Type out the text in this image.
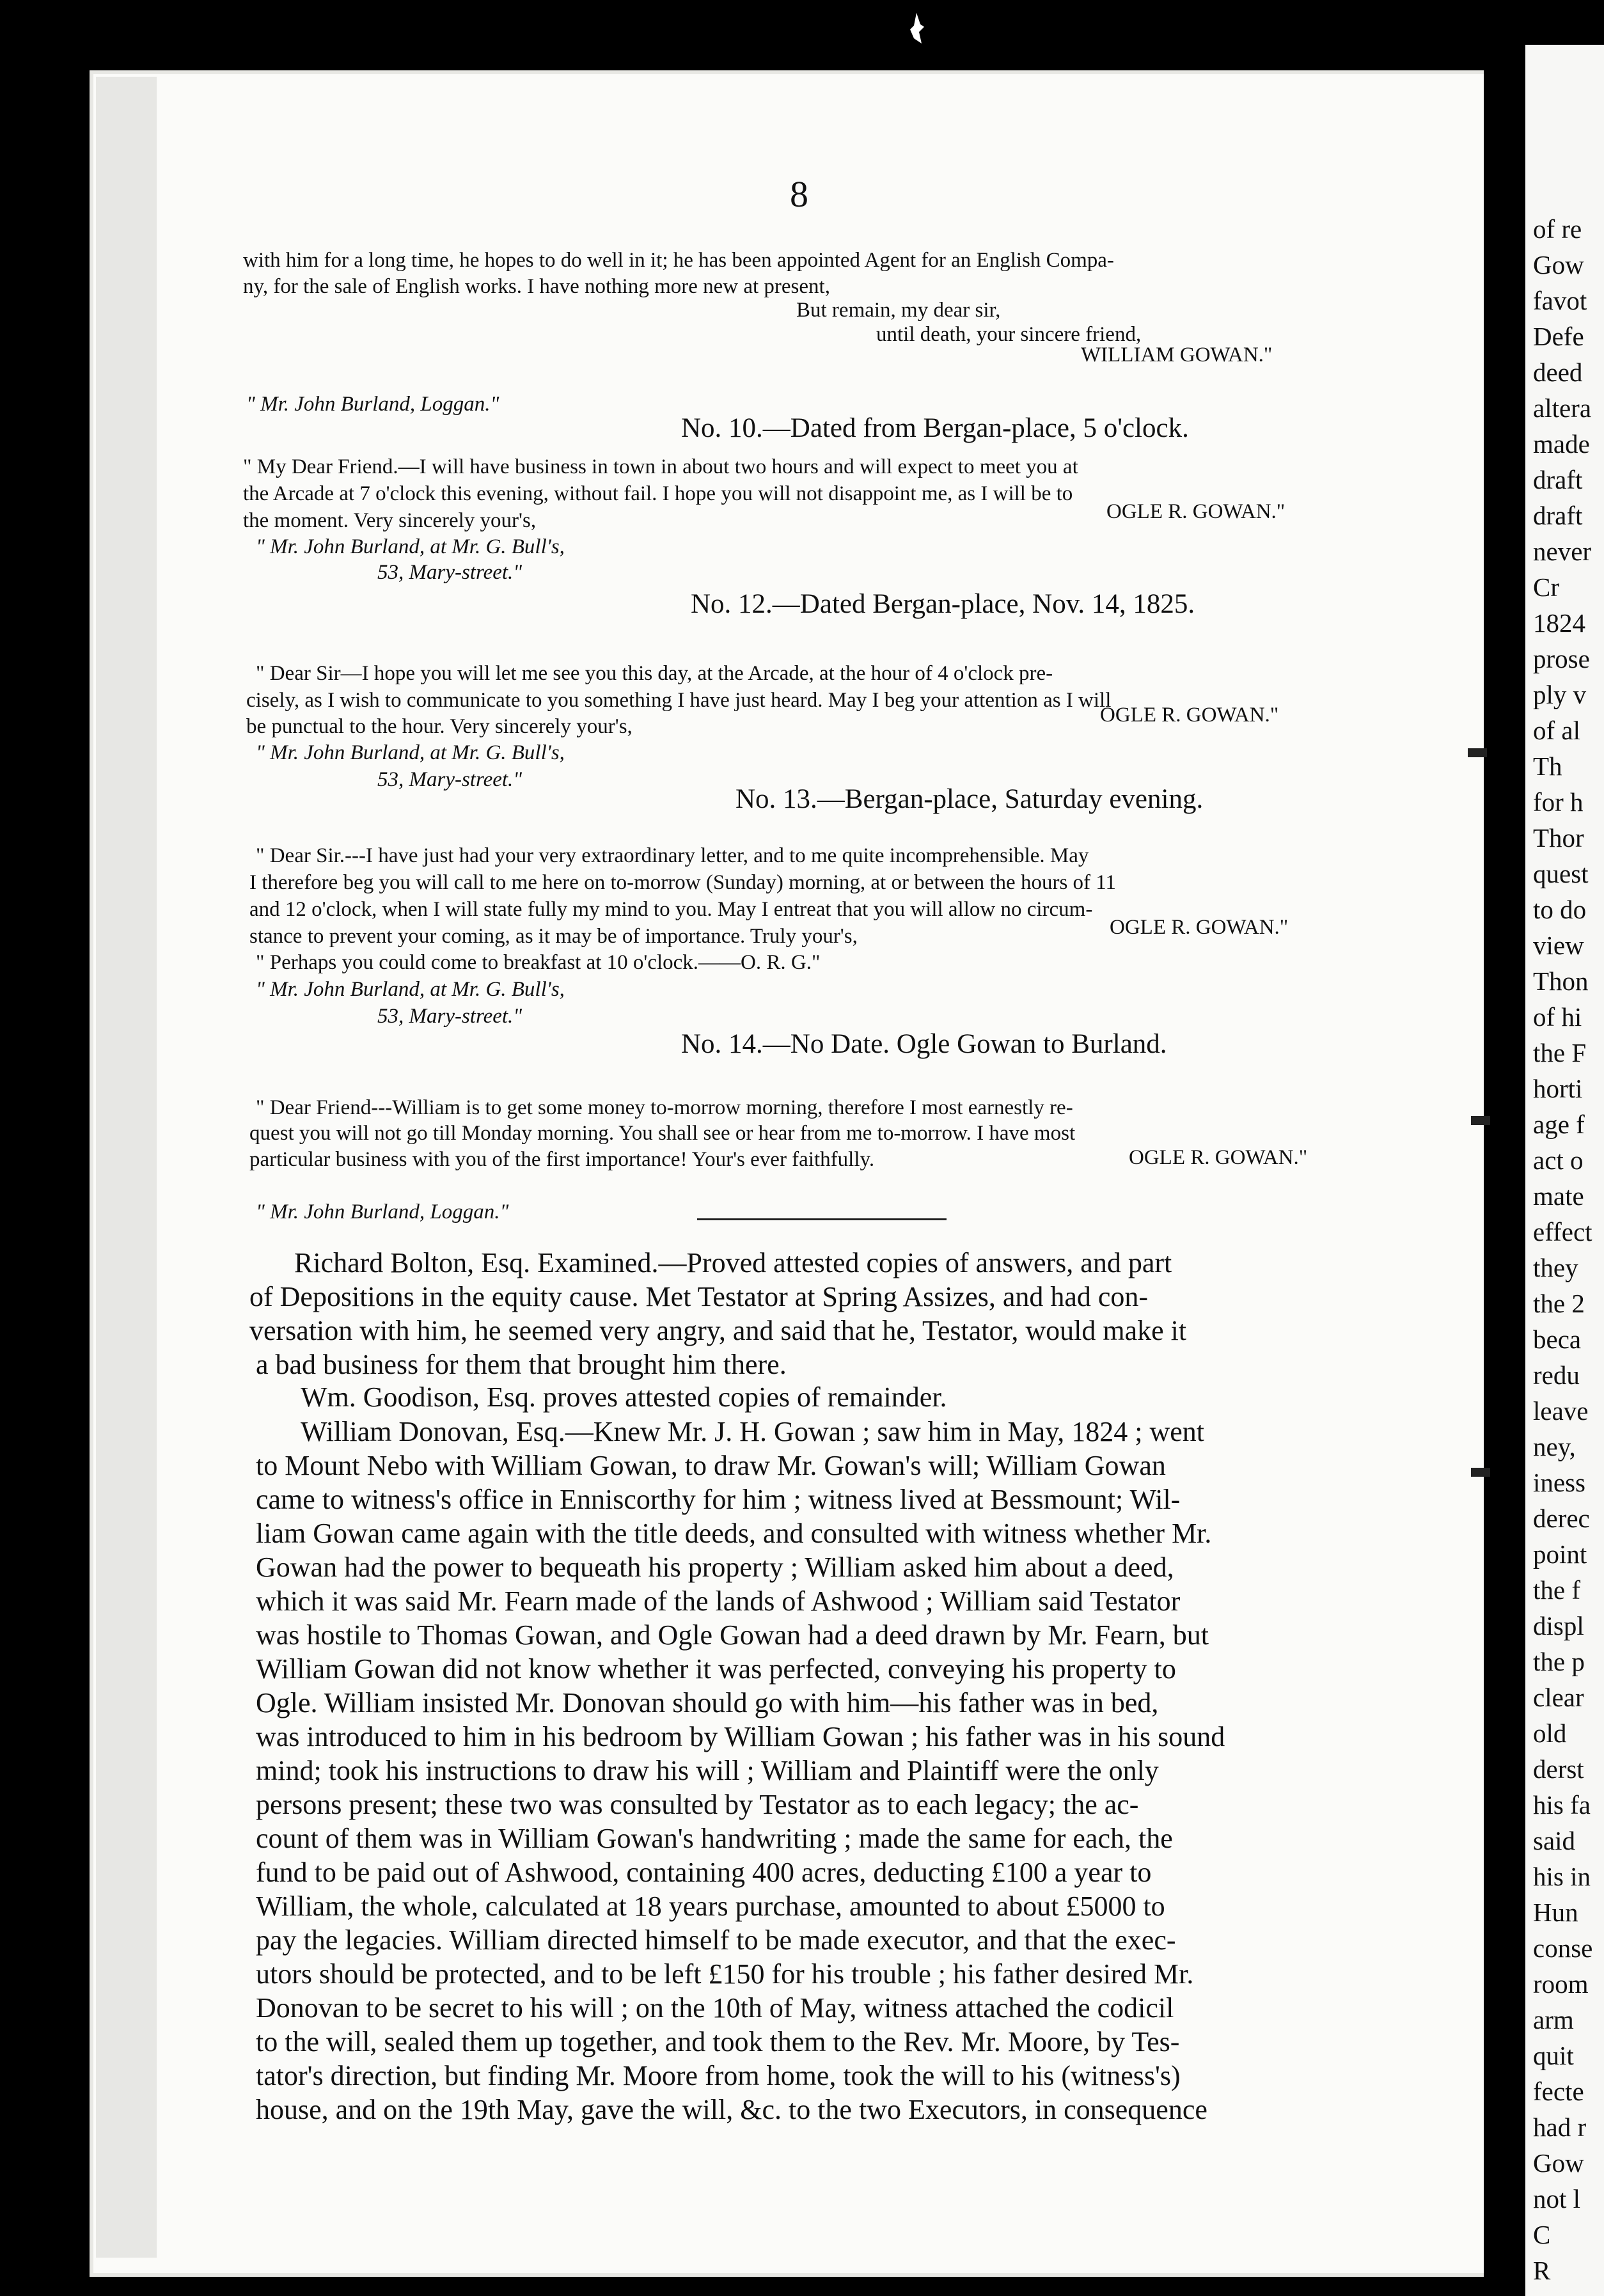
8
with him for a long time, he hopes to do well in it; he has been appointed Agent for an English Compa-
ny, for the sale of English works. I have nothing more new at present,
But remain, my dear sir,
until death, your sincere friend,
WILLIAM GOWAN."
" Mr. John Burland, Loggan."
No. 10.—Dated from Bergan-place, 5 o'clock.
" My Dear Friend.—I will have business in town in about two hours and will expect to meet you at
the Arcade at 7 o'clock this evening, without fail. I hope you will not disappoint me, as I will be to
the moment. Very sincerely your's,	OGLE R. GOWAN."
" Mr. John Burland, at Mr. G. Bull's,
53, Mary-street."
No. 12.—Dated Bergan-place, Nov. 14, 1825.
" Dear Sir—I hope you will let me see you this day, at the Arcade, at the hour of 4 o'clock pre-
cisely, as I wish to communicate to you something I have just heard. May I beg your attention as I will
be punctual to the hour. Very sincerely your's,	OGLE R. GOWAN."
" Mr. John Burland, at Mr. G. Bull's,
53, Mary-street."
No. 13.—Bergan-place, Saturday evening.
" Dear Sir.---I have just had your very extraordinary letter, and to me quite incomprehensible. May
I therefore beg you will call to me here on to-morrow (Sunday) morning, at or between the hours of 11
and 12 o'clock, when I will state fully my mind to you. May I entreat that you will allow no circum-
stance to prevent your coming, as it may be of importance. Truly your's,	OGLE R. GOWAN."
" Perhaps you could come to breakfast at 10 o'clock.——O. R. G."
" Mr. John Burland, at Mr. G. Bull's,
53, Mary-street."
No. 14.—No Date. Ogle Gowan to Burland.
" Dear Friend---William is to get some money to-morrow morning, therefore I most earnestly re-
quest you will not go till Monday morning. You shall see or hear from me to-morrow. I have most
particular business with you of the first importance! Your's ever faithfully.	OGLE R. GOWAN."
" Mr. John Burland, Loggan."
Richard Bolton, Esq. Examined.—Proved attested copies of answers, and part
of Depositions in the equity cause. Met Testator at Spring Assizes, and had con-
versation with him, he seemed very angry, and said that he, Testator, would make it
a bad business for them that brought him there.
Wm. Goodison, Esq. proves attested copies of remainder.
William Donovan, Esq.—Knew Mr. J. H. Gowan ; saw him in May, 1824 ; went
to Mount Nebo with William Gowan, to draw Mr. Gowan's will; William Gowan
came to witness's office in Enniscorthy for him ; witness lived at Bessmount; Wil-
liam Gowan came again with the title deeds, and consulted with witness whether Mr.
Gowan had the power to bequeath his property ; William asked him about a deed,
which it was said Mr. Fearn made of the lands of Ashwood ; William said Testator
was hostile to Thomas Gowan, and Ogle Gowan had a deed drawn by Mr. Fearn, but
William Gowan did not know whether it was perfected, conveying his property to
Ogle. William insisted Mr. Donovan should go with him—his father was in bed,
was introduced to him in his bedroom by William Gowan ; his father was in his sound
mind; took his instructions to draw his will ; William and Plaintiff were the only
persons present; these two was consulted by Testator as to each legacy; the ac-
count of them was in William Gowan's handwriting ; made the same for each, the
fund to be paid out of Ashwood, containing 400 acres, deducting £100 a year to
William, the whole, calculated at 18 years purchase, amounted to about £5000 to
pay the legacies. William directed himself to be made executor, and that the exec-
utors should be protected, and to be left £150 for his trouble ; his father desired Mr.
Donovan to be secret to his will ; on the 10th of May, witness attached the codicil
to the will, sealed them up together, and took them to the Rev. Mr. Moore, by Tes-
tator's direction, but finding Mr. Moore from home, took the will to his (witness's)
house, and on the 19th May, gave the will, &c. to the two Executors, in consequence
of re
Gow
favot
Defe
deed
altera
made
draft
draft
never
Cr
1824
prose
ply v
of al
Th
for h
Thor
quest
to do
view
Thon
of hi
the F
horti
age f
act o
mate
effect
they
the 2
beca
redu
leave
ney,
iness
derec
point
the f
displ
the p
clear
old
derst
his fa
said
his in
Hun
conse
room
arm
quit
fecte
had r
Gow
not l
C
R
